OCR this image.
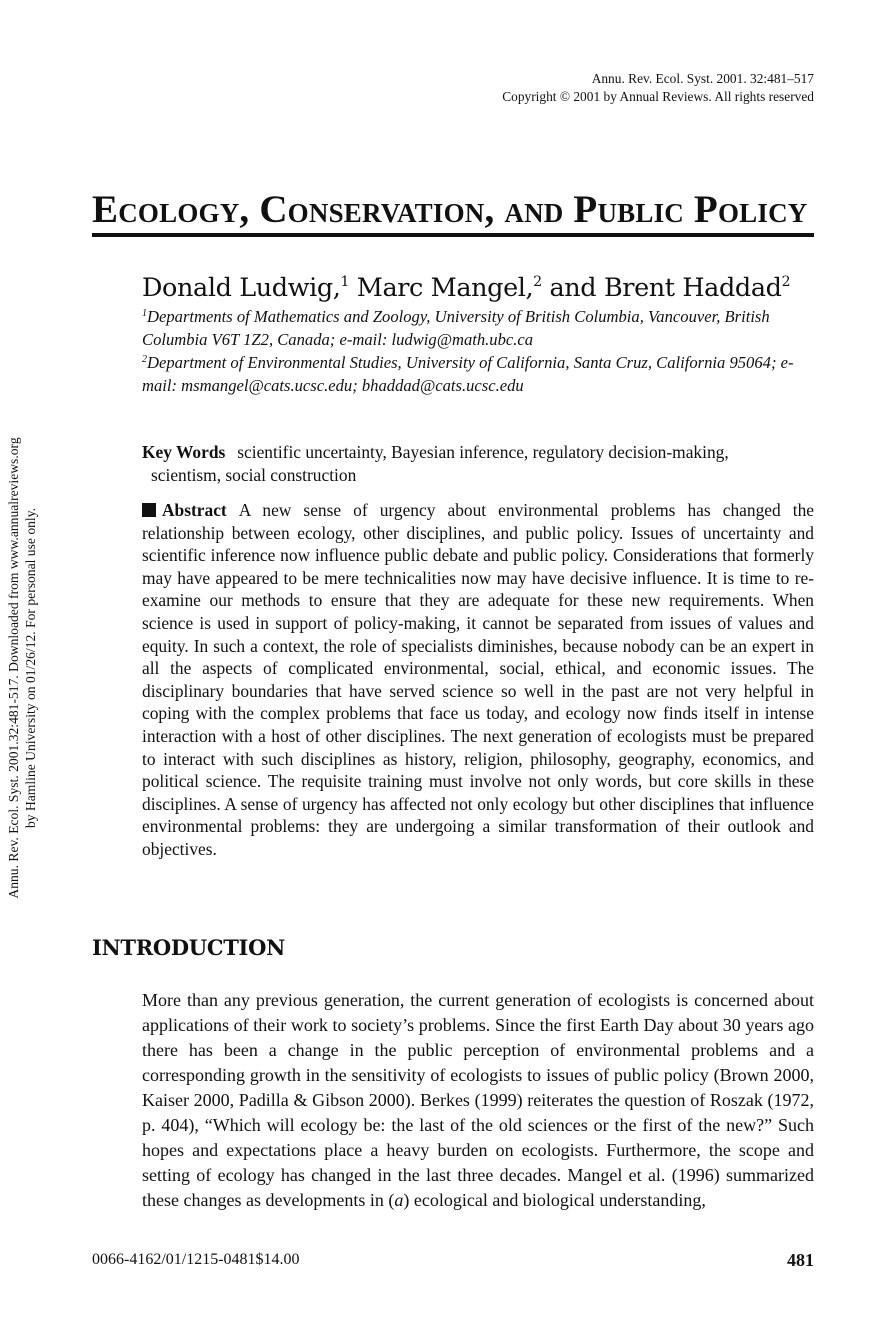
Annu. Rev. Ecol. Syst. 2001. 32:481–517
Copyright © 2001 by Annual Reviews. All rights reserved
Ecology, Conservation, and Public Policy
Donald Ludwig,$^1$ Marc Mangel,$^2$ and Brent Haddad$^2$
$^1$Departments of Mathematics and Zoology, University of British Columbia, Vancouver, British Columbia V6T 1Z2, Canada; e-mail: ludwig@math.ubc.ca
$^2$Department of Environmental Studies, University of California, Santa Cruz, California 95064; e-mail: msmangel@cats.ucsc.edu; bhaddad@cats.ucsc.edu
Key Words scientific uncertainty, Bayesian inference, regulatory decision-making,
scientism, social construction

Abstract A new sense of urgency about environmental problems has changed the relationship between ecology, other disciplines, and public policy. Issues of uncertainty and scientific inference now influence public debate and public policy. Considerations that formerly may have appeared to be mere technicalities now may have decisive influence. It is time to re-examine our methods to ensure that they are adequate for these new requirements. When science is used in support of policy-making, it cannot be separated from issues of values and equity. In such a context, the role of specialists diminishes, because nobody can be an expert in all the aspects of complicated environmental, social, ethical, and economic issues. The disciplinary boundaries that have served science so well in the past are not very helpful in coping with the complex problems that face us today, and ecology now finds itself in intense interaction with a host of other disciplines. The next generation of ecologists must be prepared to interact with such disciplines as history, religion, philosophy, geography, economics, and political science. The requisite training must involve not only words, but core skills in these disciplines. A sense of urgency has affected not only ecology but other disciplines that influence environmental problems: they are undergoing a similar transformation of their outlook and objectives.

INTRODUCTION

More than any previous generation, the current generation of ecologists is concerned about applications of their work to society’s problems. Since the first Earth Day about 30 years ago there has been a change in the public perception of environmental problems and a corresponding growth in the sensitivity of ecologists to issues of public policy (Brown 2000, Kaiser 2000, Padilla & Gibson 2000). Berkes (1999) reiterates the question of Roszak (1972, p. 404), “Which will ecology be: the last of the old sciences or the first of the new?” Such hopes and expectations place a heavy burden on ecologists. Furthermore, the scope and setting of ecology has changed in the last three decades. Mangel et al. (1996) summarized these changes as developments in (a) ecological and biological understanding,

0066-4162/01/1215-0481$14.00	481
Annu. Rev. Ecol. Syst. 2001.32:481-517. Downloaded from www.annualreviews.org by Hamline University on 01/26/12. For personal use only.
